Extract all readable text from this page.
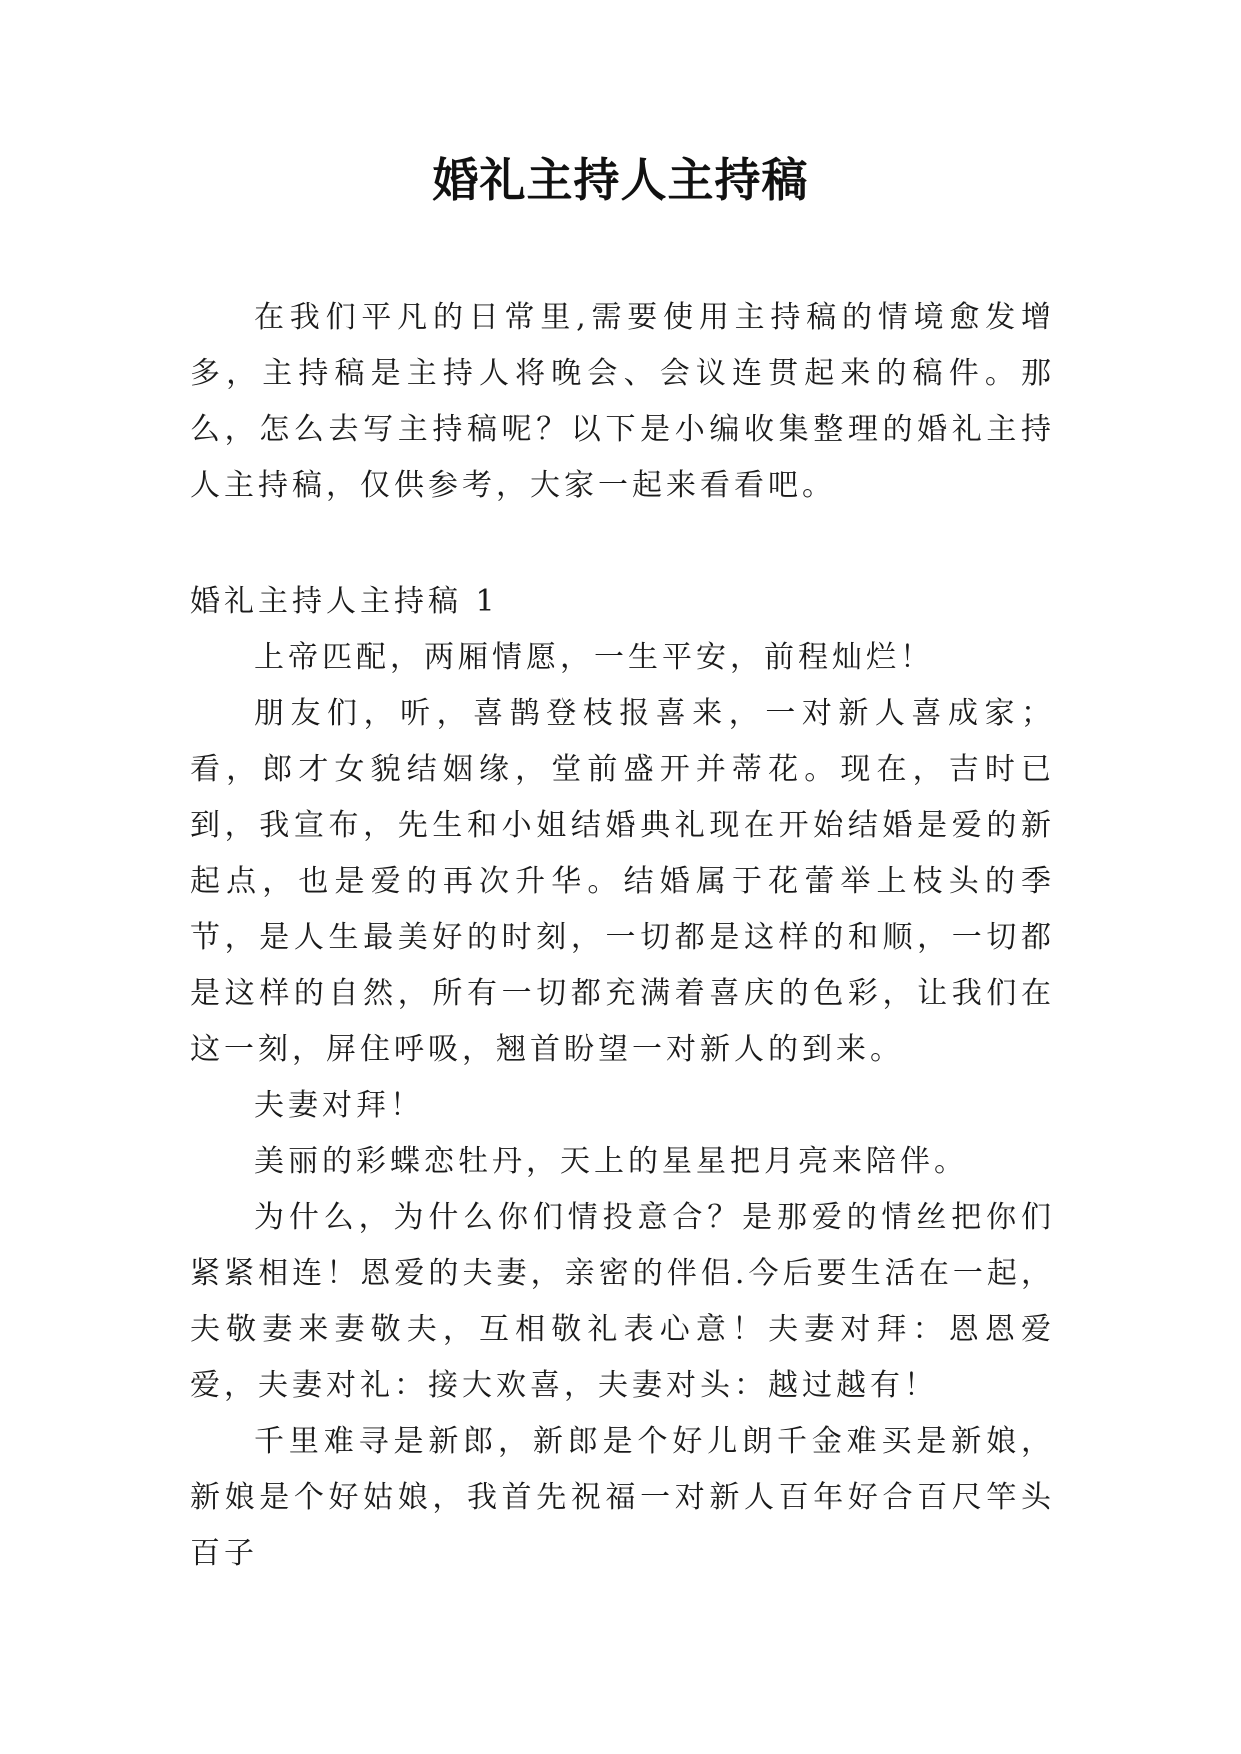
婚礼主持人主持稿

在我们平凡的日常里,需要使用主持稿的情境愈发增多，主持稿是主持人将晚会、会议连贯起来的稿件。那么，怎么去写主持稿呢？以下是小编收集整理的婚礼主持人主持稿，仅供参考，大家一起来看看吧。

婚礼主持人主持稿 1

上帝匹配，两厢情愿，一生平安，前程灿烂！

朋友们，听，喜鹊登枝报喜来，一对新人喜成家；看，郎才女貌结姻缘，堂前盛开并蒂花。现在，吉时已到，我宣布，先生和小姐结婚典礼现在开始结婚是爱的新起点，也是爱的再次升华。结婚属于花蕾举上枝头的季节，是人生最美好的时刻，一切都是这样的和顺，一切都是这样的自然，所有一切都充满着喜庆的色彩，让我们在这一刻，屏住呼吸，翘首盼望一对新人的到来。

夫妻对拜！

美丽的彩蝶恋牡丹，天上的星星把月亮来陪伴。

为什么，为什么你们情投意合？是那爱的情丝把你们紧紧相连！恩爱的夫妻，亲密的伴侣.今后要生活在一起，夫敬妻来妻敬夫，互相敬礼表心意！夫妻对拜：恩恩爱爱，夫妻对礼：接大欢喜，夫妻对头：越过越有！

千里难寻是新郎，新郎是个好儿朗千金难买是新娘，新娘是个好姑娘，我首先祝福一对新人百年好合百尺竿头百子
